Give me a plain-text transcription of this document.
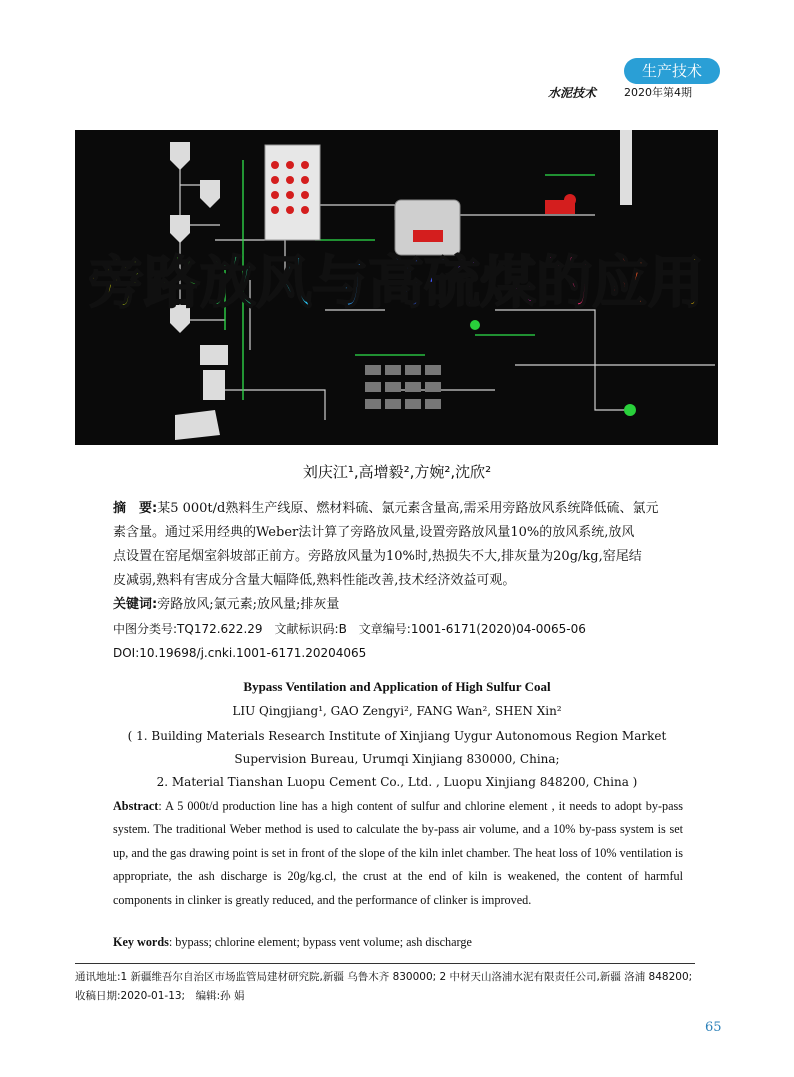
生产技术
水泥技术	2020年第4期
旁路放风与高硫煤的应用
刘庆江¹,高增毅²,方婉²,沈欣²
摘　要:某5 000t/d熟料生产线原、燃材料硫、氯元素含量高,需采用旁路放风系统降低硫、氯元
素含量。通过采用经典的Weber法计算了旁路放风量,设置旁路放风量10%的放风系统,放风
点设置在窑尾烟室斜坡部正前方。旁路放风量为10%时,热损失不大,排灰量为20g/kg,窑尾结
皮减弱,熟料有害成分含量大幅降低,熟料性能改善,技术经济效益可观。
关键词:旁路放风;氯元素;放风量;排灰量
中图分类号:TQ172.622.29　文献标识码:B　文章编号:1001-6171(2020)04-0065-06
DOI:10.19698/j.cnki.1001-6171.20204065
Bypass Ventilation and Application of High Sulfur Coal
LIU Qingjiang¹, GAO Zengyi², FANG Wan², SHEN Xin²
( 1. Building Materials Research Institute of Xinjiang Uygur Autonomous Region Market
Supervision Bureau, Urumqi Xinjiang 830000, China;
2. Material Tianshan Luopu Cement Co., Ltd. , Luopu Xinjiang 848200, China )
Abstract: A 5 000t/d production line has a high content of sulfur and chlorine element , it needs to adopt by-pass system. The traditional Weber method is used to calculate the by-pass air volume, and a 10% by-pass system is set up, and the gas drawing point is set in front of the slope of the kiln inlet chamber. The heat loss of 10% ventilation is appropriate, the ash discharge is 20g/kg.cl, the crust at the end of kiln is weakened, the content of harmful components in clinker is greatly reduced, and the performance of clinker is improved.
Key words: bypass; chlorine element; bypass vent volume; ash discharge
通讯地址:1 新疆维吾尔自治区市场监管局建材研究院,新疆 乌鲁木齐 830000; 2 中材天山洛浦水泥有限责任公司,新疆 洛浦 848200;
收稿日期:2020-01-13;　编辑:孙 娟
65
